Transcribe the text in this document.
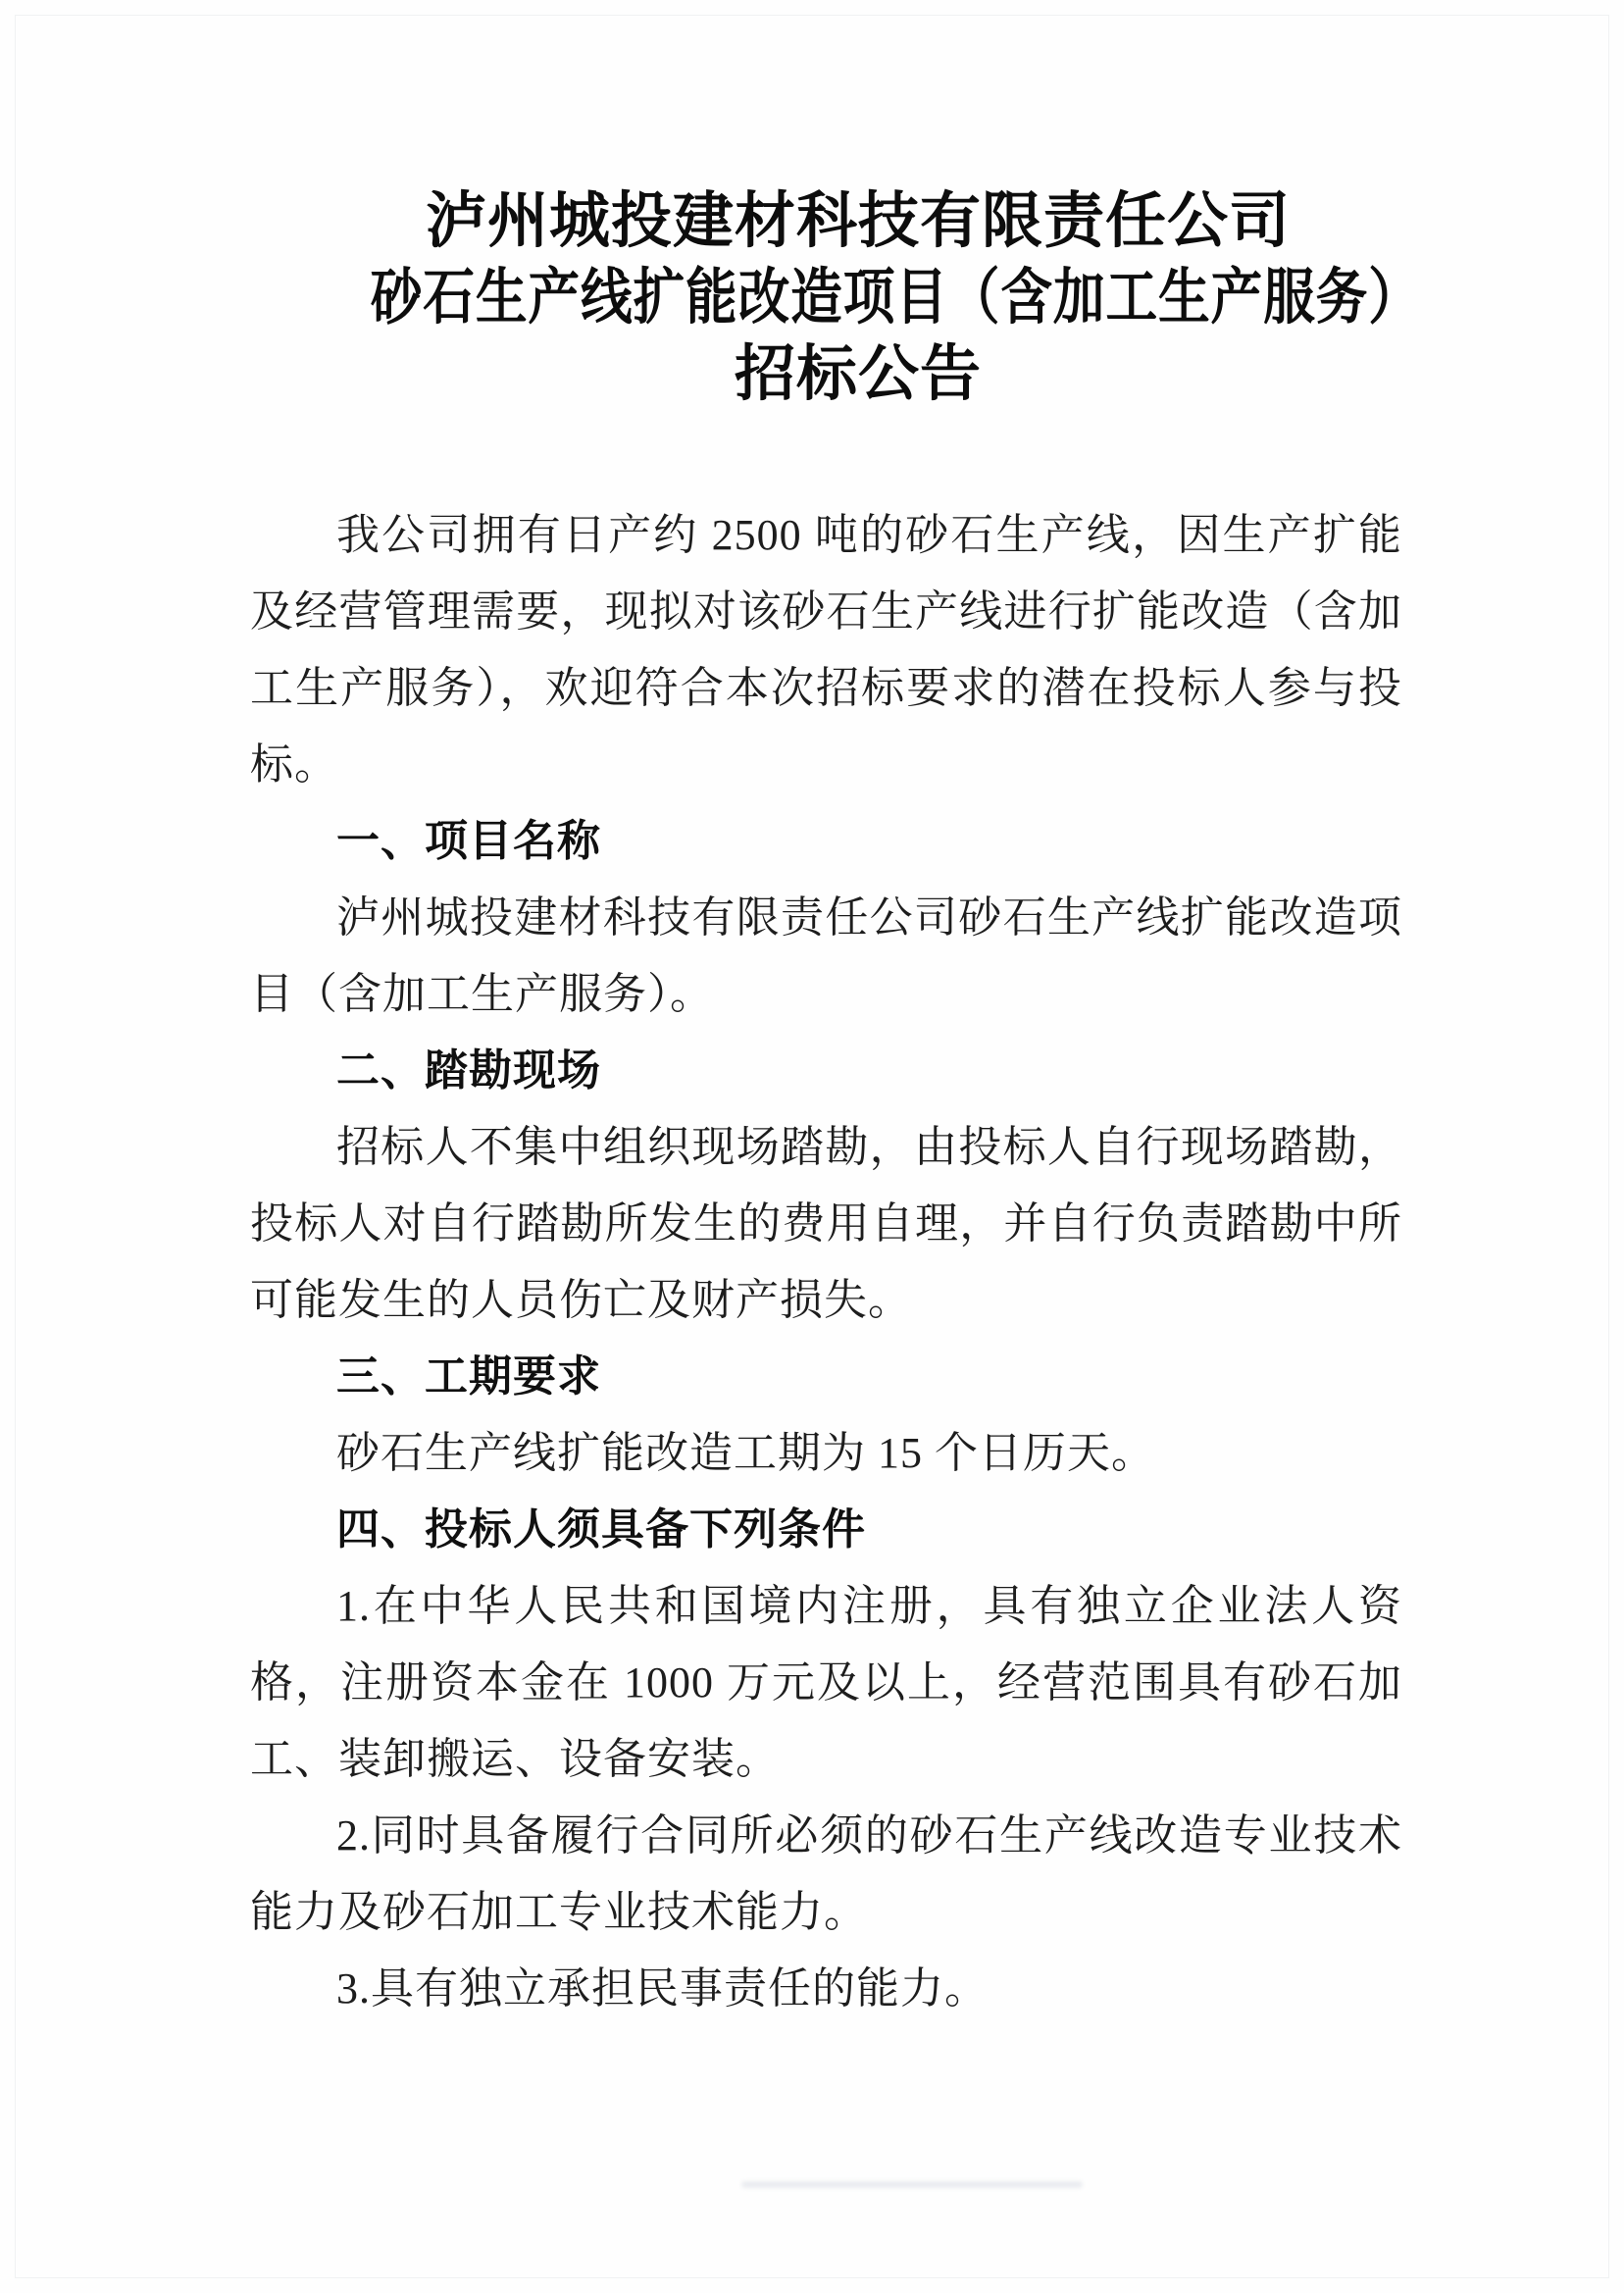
泸州城投建材科技有限责任公司
砂石生产线扩能改造项目（含加工生产服务）
招标公告

我公司拥有日产约 2500 吨的砂石生产线，因生产扩能及经营管理需要，现拟对该砂石生产线进行扩能改造（含加工生产服务），欢迎符合本次招标要求的潜在投标人参与投标。

一、项目名称

泸州城投建材科技有限责任公司砂石生产线扩能改造项目（含加工生产服务）。

二、踏勘现场

招标人不集中组织现场踏勘，由投标人自行现场踏勘，投标人对自行踏勘所发生的费用自理，并自行负责踏勘中所可能发生的人员伤亡及财产损失。

三、工期要求

砂石生产线扩能改造工期为 15 个日历天。

四、投标人须具备下列条件

1.在中华人民共和国境内注册，具有独立企业法人资格，注册资本金在 1000 万元及以上，经营范围具有砂石加工、装卸搬运、设备安装。

2.同时具备履行合同所必须的砂石生产线改造专业技术能力及砂石加工专业技术能力。

3.具有独立承担民事责任的能力。
